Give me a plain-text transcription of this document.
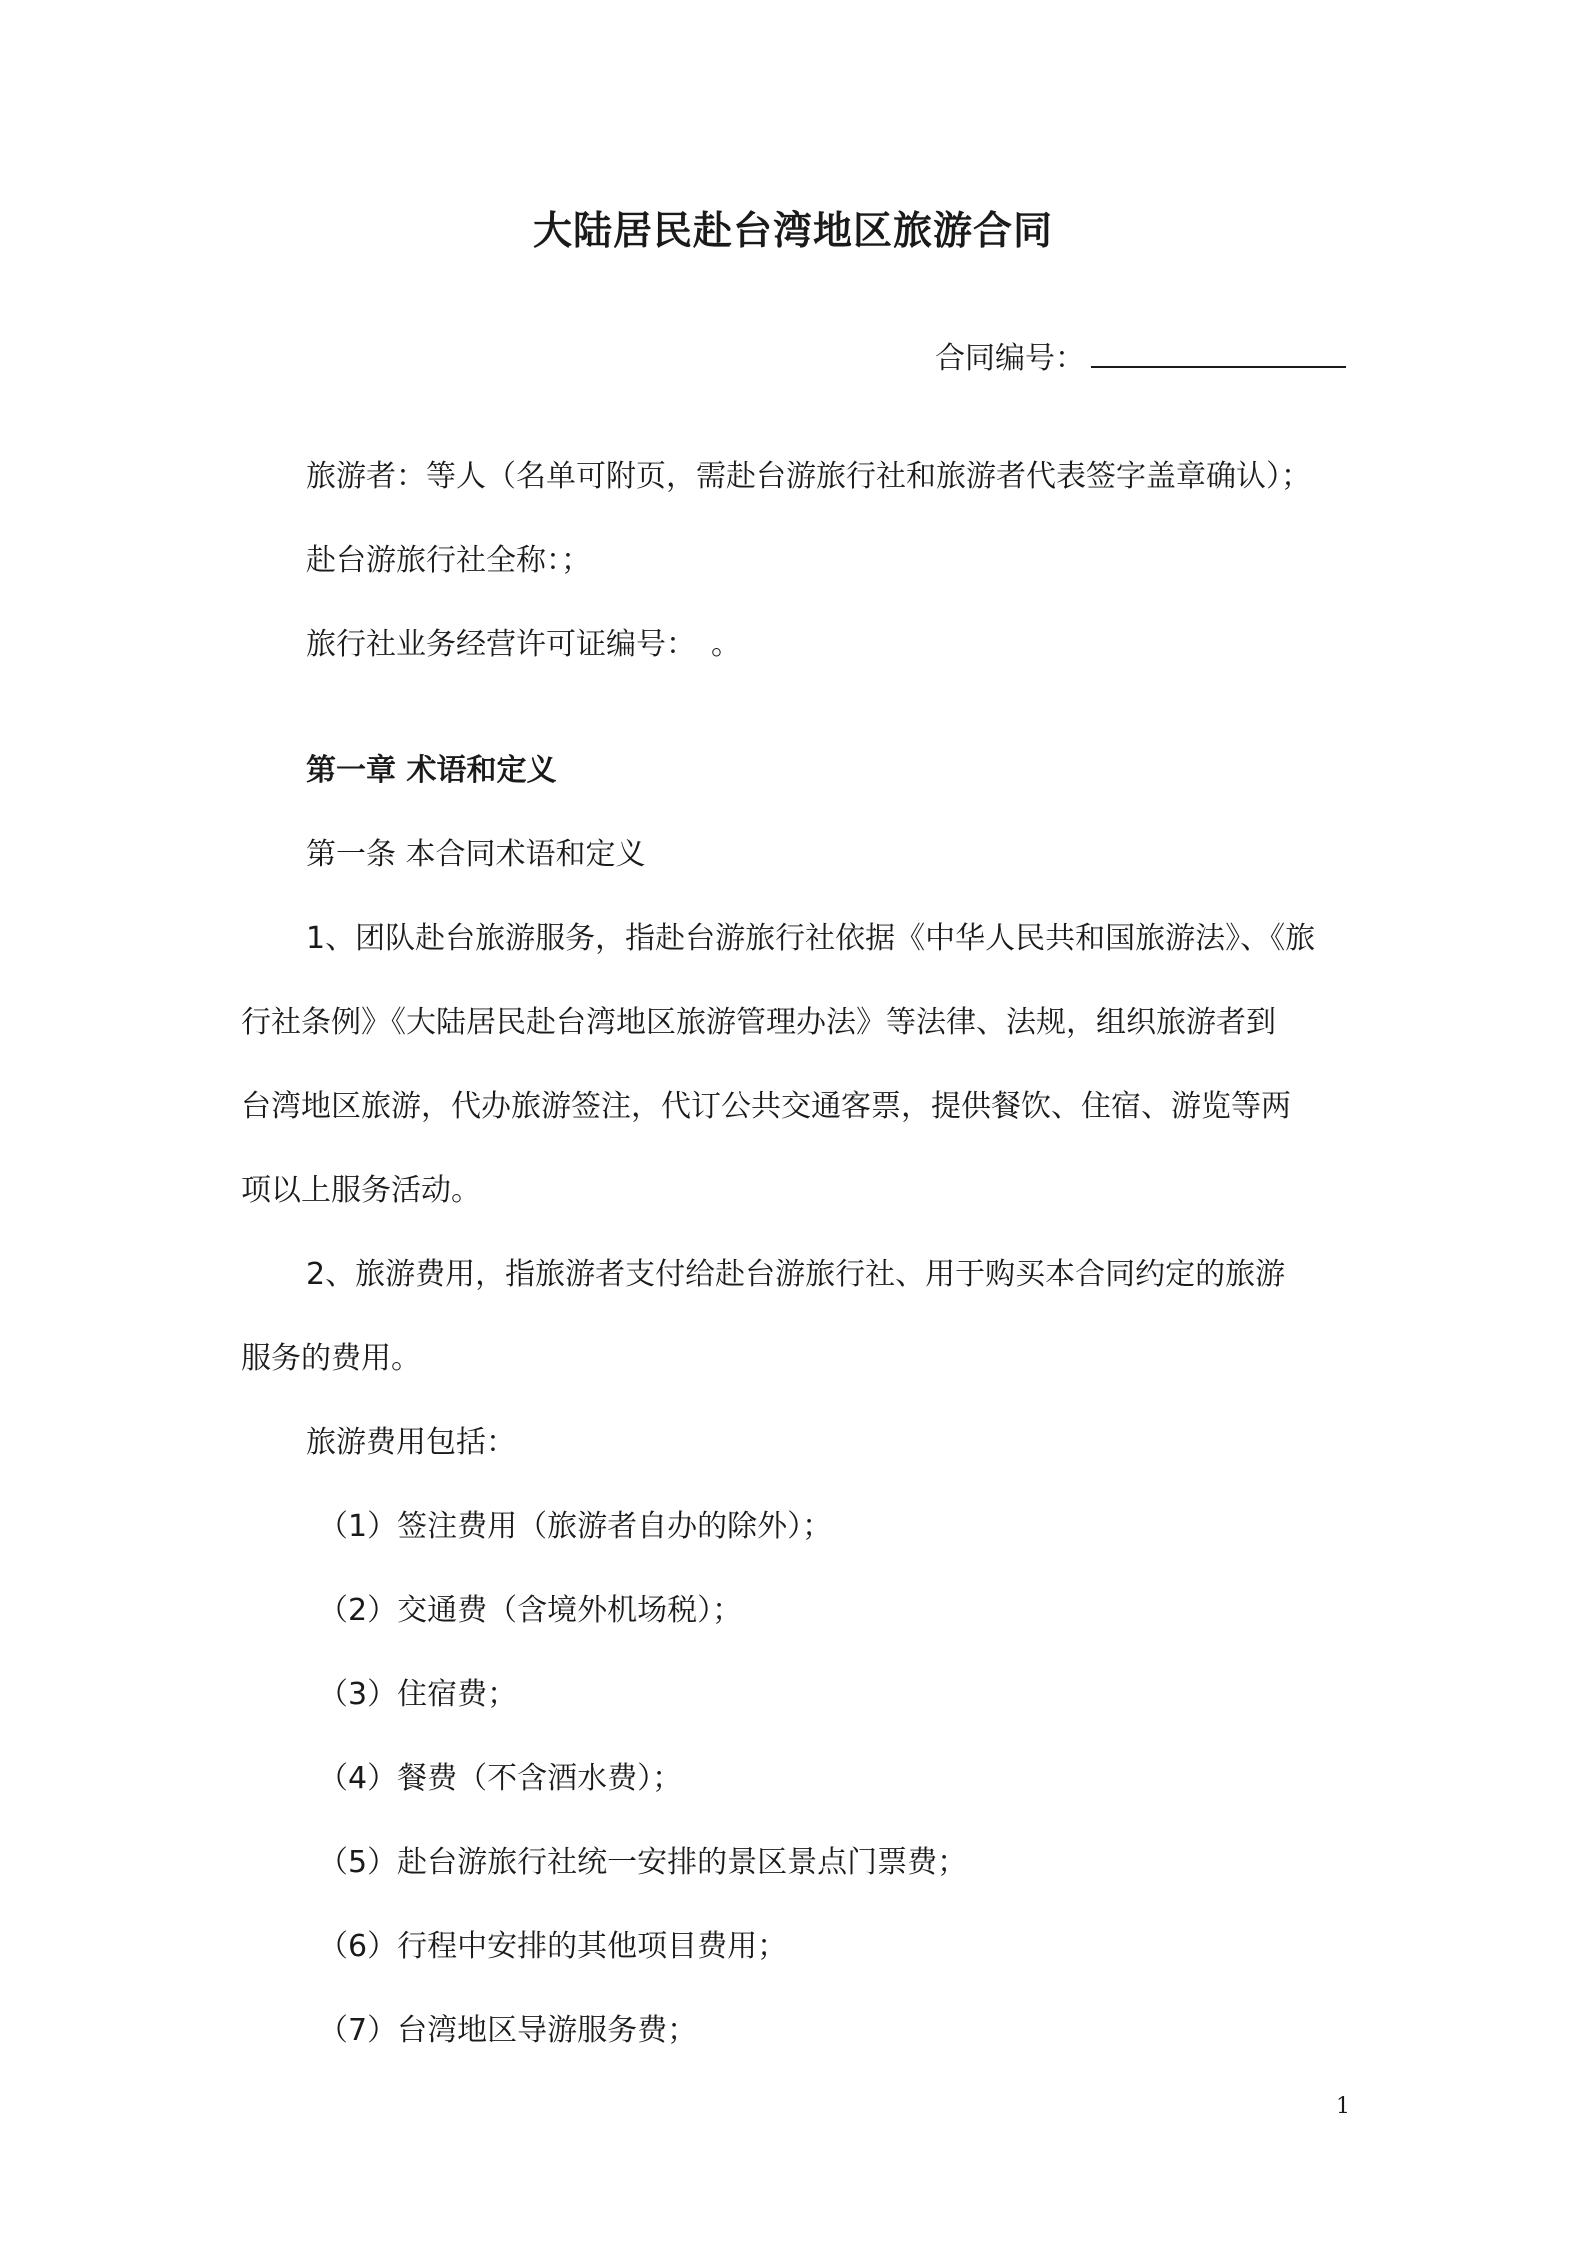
大陆居民赴台湾地区旅游合同
合同编号：
旅游者：等人（名单可附页，需赴台游旅行社和旅游者代表签字盖章确认）；
赴台游旅行社全称：；
旅行社业务经营许可证编号：　。
第一章 术语和定义
第一条 本合同术语和定义
1、团队赴台旅游服务，指赴台游旅行社依据《中华人民共和国旅游法》、《旅
行社条例》《大陆居民赴台湾地区旅游管理办法》等法律、法规，组织旅游者到
台湾地区旅游，代办旅游签注，代订公共交通客票，提供餐饮、住宿、游览等两
项以上服务活动。
2、旅游费用，指旅游者支付给赴台游旅行社、用于购买本合同约定的旅游
服务的费用。
旅游费用包括：
（1）签注费用（旅游者自办的除外）；
（2）交通费（含境外机场税）；
（3）住宿费；
（4）餐费（不含酒水费）；
（5）赴台游旅行社统一安排的景区景点门票费；
（6）行程中安排的其他项目费用；
（7）台湾地区导游服务费；
1
